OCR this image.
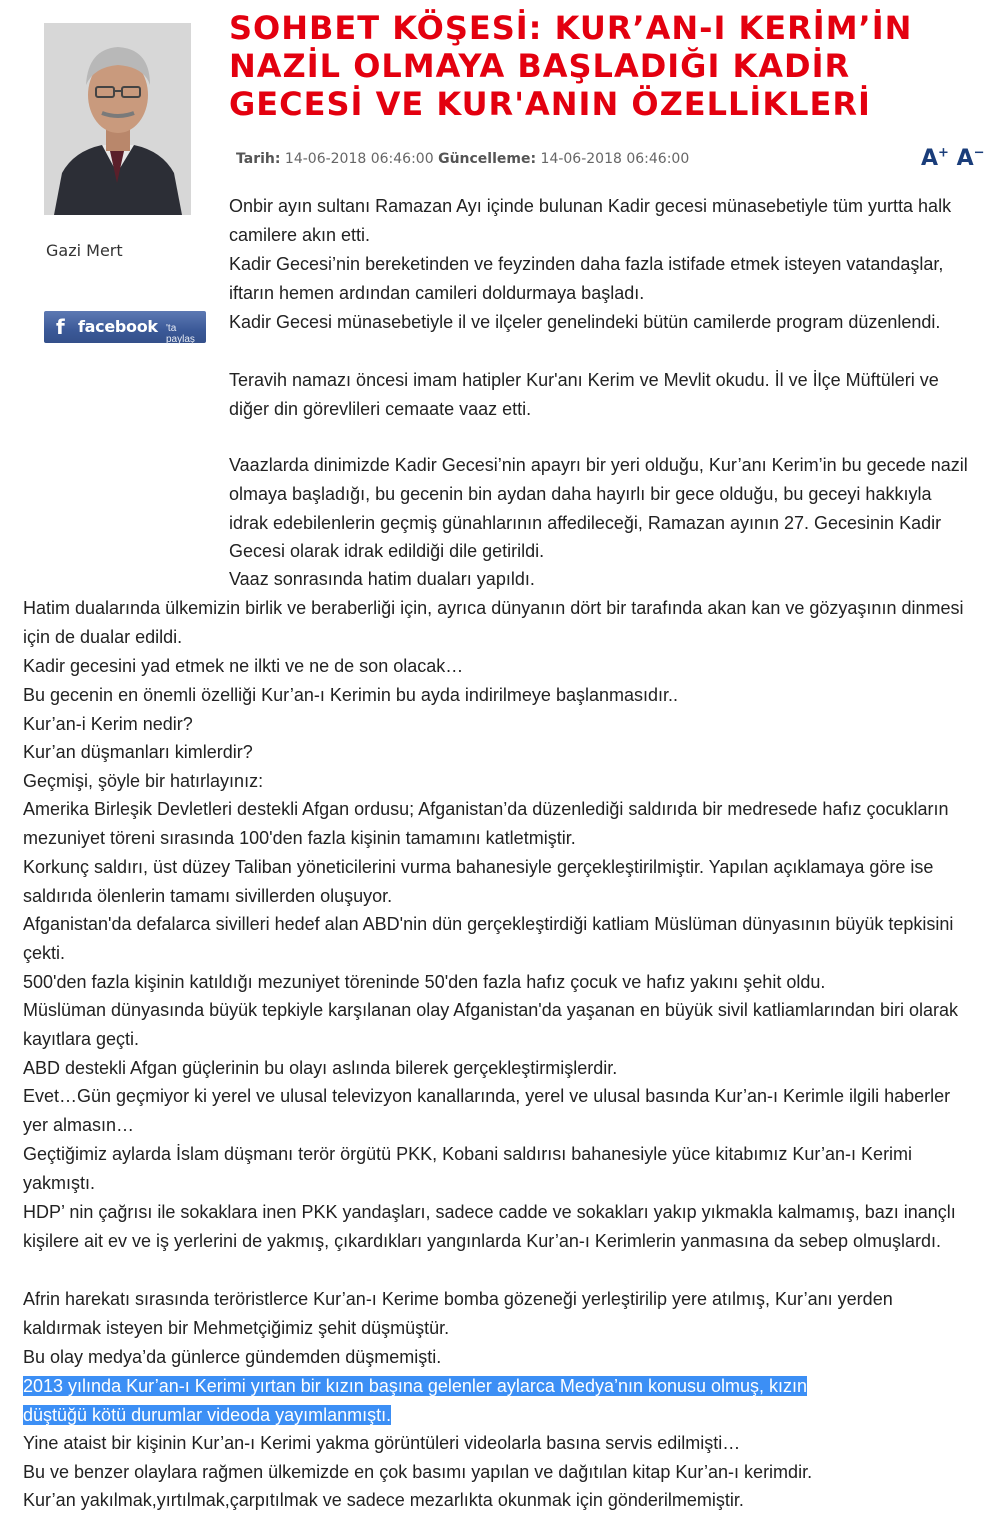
Gazi Mert
f facebook 'ta paylaş
SOHBET KÖŞESİ: KUR’AN-I KERİM’İN NAZİL OLMAYA BAŞLADIĞI KADİR GECESİ VE KUR'ANIN ÖZELLİKLERİ
Tarih: 14-06-2018 06:46:00 Güncelleme: 14-06-2018 06:46:00	A+ A−

Onbir ayın sultanı Ramazan Ayı içinde bulunan Kadir gecesi münasebetiyle tüm yurtta halk camilere akın etti.

Kadir Gecesi’nin bereketinden ve feyzinden daha fazla istifade etmek isteyen vatandaşlar, iftarın hemen ardından camileri doldurmaya başladı.

Kadir Gecesi münasebetiyle il ve ilçeler genelindeki bütün camilerde program düzenlendi.

Teravih namazı öncesi imam hatipler Kur'anı Kerim ve Mevlit okudu. İl ve İlçe Müftüleri ve diğer din görevlileri cemaate vaaz etti.

Vaazlarda dinimizde Kadir Gecesi’nin apayrı bir yeri olduğu, Kur’anı Kerim’in bu gecede nazil olmaya başladığı, bu gecenin bin aydan daha hayırlı bir gece olduğu, bu geceyi hakkıyla idrak edebilenlerin geçmiş günahlarının affedileceği, Ramazan ayının 27. Gecesinin Kadir Gecesi olarak idrak edildiği dile getirildi.

Vaaz sonrasında hatim duaları yapıldı.

Hatim dualarında ülkemizin birlik ve beraberliği için, ayrıca dünyanın dört bir tarafında akan kan ve gözyaşının dinmesi için de dualar edildi.

Kadir gecesini yad etmek ne ilkti ve ne de son olacak…

Bu gecenin en önemli özelliği Kur’an-ı Kerimin bu ayda indirilmeye başlanmasıdır..

Kur’an-i Kerim nedir?

Kur’an düşmanları kimlerdir?

Geçmişi, şöyle bir hatırlayınız:

Amerika Birleşik Devletleri destekli Afgan ordusu; Afganistan’da düzenlediği saldırıda bir medresede hafız çocukların mezuniyet töreni sırasında 100'den fazla kişinin tamamını katletmiştir.

Korkunç saldırı, üst düzey Taliban yöneticilerini vurma bahanesiyle gerçekleştirilmiştir. Yapılan açıklamaya göre ise saldırıda ölenlerin tamamı sivillerden oluşuyor.

Afganistan'da defalarca sivilleri hedef alan ABD'nin dün gerçekleştirdiği katliam Müslüman dünyasının büyük tepkisini çekti.

500'den fazla kişinin katıldığı mezuniyet töreninde 50'den fazla hafız çocuk ve hafız yakını şehit oldu.

Müslüman dünyasında büyük tepkiyle karşılanan olay Afganistan'da yaşanan en büyük sivil katliamlarından biri olarak kayıtlara geçti.

ABD destekli Afgan güçlerinin bu olayı aslında bilerek gerçekleştirmişlerdir.

Evet…Gün geçmiyor ki yerel ve ulusal televizyon kanallarında, yerel ve ulusal basında Kur’an-ı Kerimle ilgili haberler yer almasın…

Geçtiğimiz aylarda İslam düşmanı terör örgütü PKK, Kobani saldırısı bahanesiyle yüce kitabımız Kur’an-ı Kerimi yakmıştı.

HDP’ nin çağrısı ile sokaklara inen PKK yandaşları, sadece cadde ve sokakları yakıp yıkmakla kalmamış, bazı inançlı kişilere ait ev ve iş yerlerini de yakmış, çıkardıkları yangınlarda Kur’an-ı Kerimlerin yanmasına da sebep olmuşlardı.

Afrin harekatı sırasında teröristlerce Kur’an-ı Kerime bomba gözeneği yerleştirilip yere atılmış, Kur’anı yerden kaldırmak isteyen bir Mehmetçiğimiz şehit düşmüştür.

Bu olay medya’da günlerce gündemden düşmemişti.

2013 yılında Kur’an-ı Kerimi yırtan bir kızın başına gelenler aylarca Medya’nın konusu olmuş, kızın
düştüğü kötü durumlar videoda yayımlanmıştı.

Yine ataist bir kişinin Kur’an-ı Kerimi yakma görüntüleri videolarla basına servis edilmişti…

Bu ve benzer olaylara rağmen ülkemizde en çok basımı yapılan ve dağıtılan kitap Kur’an-ı kerimdir.

Kur’an yakılmak,yırtılmak,çarpıtılmak ve sadece mezarlıkta okunmak için gönderilmemiştir.
